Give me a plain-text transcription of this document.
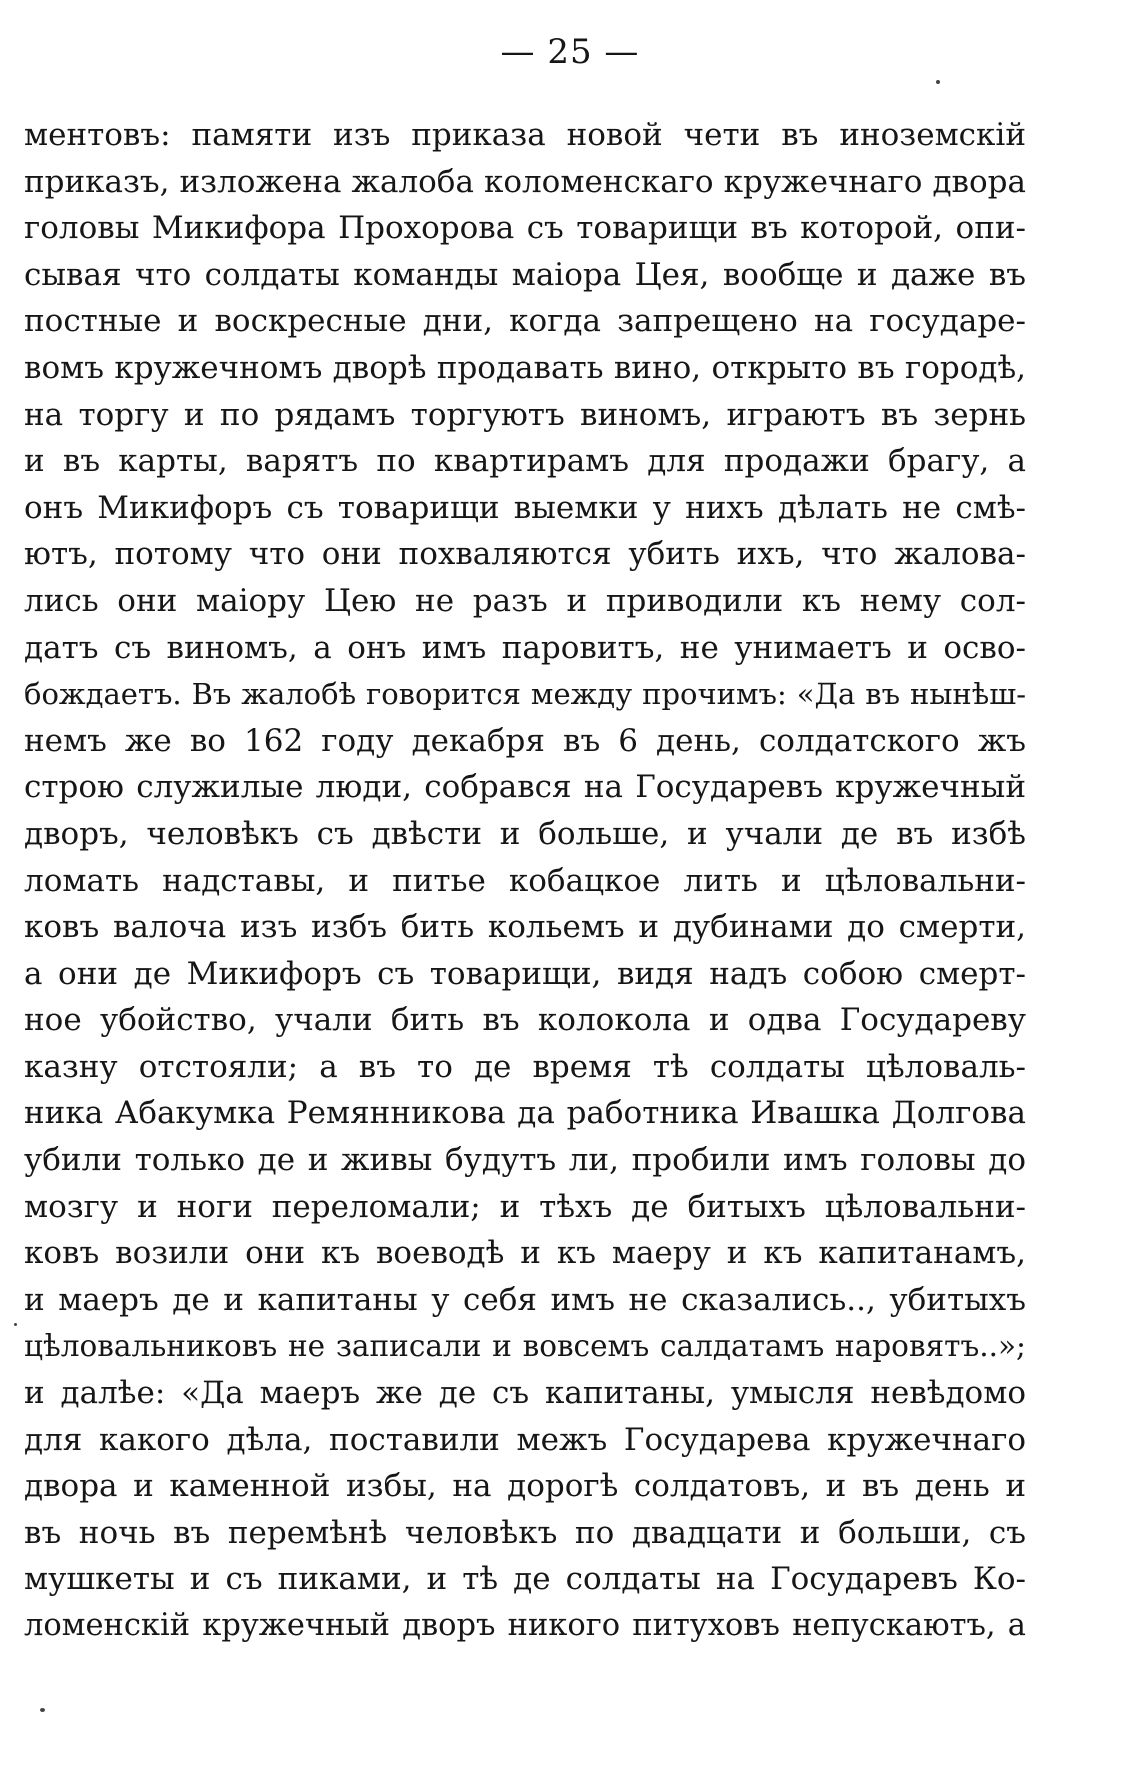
— 25 —
ментовъ: памяти изъ приказа новой чети въ иноземскій
приказъ, изложена жалоба коломенскаго кружечнаго двора
головы Микифора Прохорова съ товарищи въ которой, опи-
сывая что солдаты команды маіора Цея, вообще и даже въ
постные и воскресные дни, когда запрещено на государе-
вомъ кружечномъ дворѣ продавать вино, открыто въ городѣ,
на торгу и по рядамъ торгуютъ виномъ, играютъ въ зернь
и въ карты, варятъ по квартирамъ для продажи брагу, а
онъ Микифоръ съ товарищи выемки у нихъ дѣлать не смѣ-
ютъ, потому что они похваляются убить ихъ, что жалова-
лись они маіору Цею не разъ и приводили къ нему сол-
датъ съ виномъ, а онъ имъ паровитъ, не унимаетъ и осво-
бождаетъ. Въ жалобѣ говорится между прочимъ: «Да въ нынѣш-
немъ же во 162 году декабря въ 6 день, солдатского жъ
строю служилые люди, собрався на Государевъ кружечный
дворъ, человѣкъ съ двѣсти и больше, и учали де въ избѣ
ломать надставы, и питье кобацкое лить и цѣловальни-
ковъ валоча изъ избъ бить кольемъ и дубинами до смерти,
а они де Микифоръ съ товарищи, видя надъ собою смерт-
ное убойство, учали бить въ колокола и одва Государеву
казну отстояли; а въ то де время тѣ солдаты цѣловаль-
ника Абакумка Ремянникова да работника Ивашка Долгова
убили только де и живы будутъ ли, пробили имъ головы до
мозгу и ноги переломали; и тѣхъ де битыхъ цѣловальни-
ковъ возили они къ воеводѣ и къ маеру и къ капитанамъ,
и маеръ де и капитаны у себя имъ не сказались.., убитыхъ
цѣловальниковъ не записали и вовсемъ салдатамъ наровятъ..»;
и далѣе: «Да маеръ же де съ капитаны, умысля невѣдомо
для какого дѣла, поставили межъ Государева кружечнаго
двора и каменной избы, на дорогѣ солдатовъ, и въ день и
въ ночь въ перемѣнѣ человѣкъ по двадцати и больши, съ
мушкеты и съ пиками, и тѣ де солдаты на Государевъ Ко-
ломенскій кружечный дворъ никого питуховъ непускаютъ, а
